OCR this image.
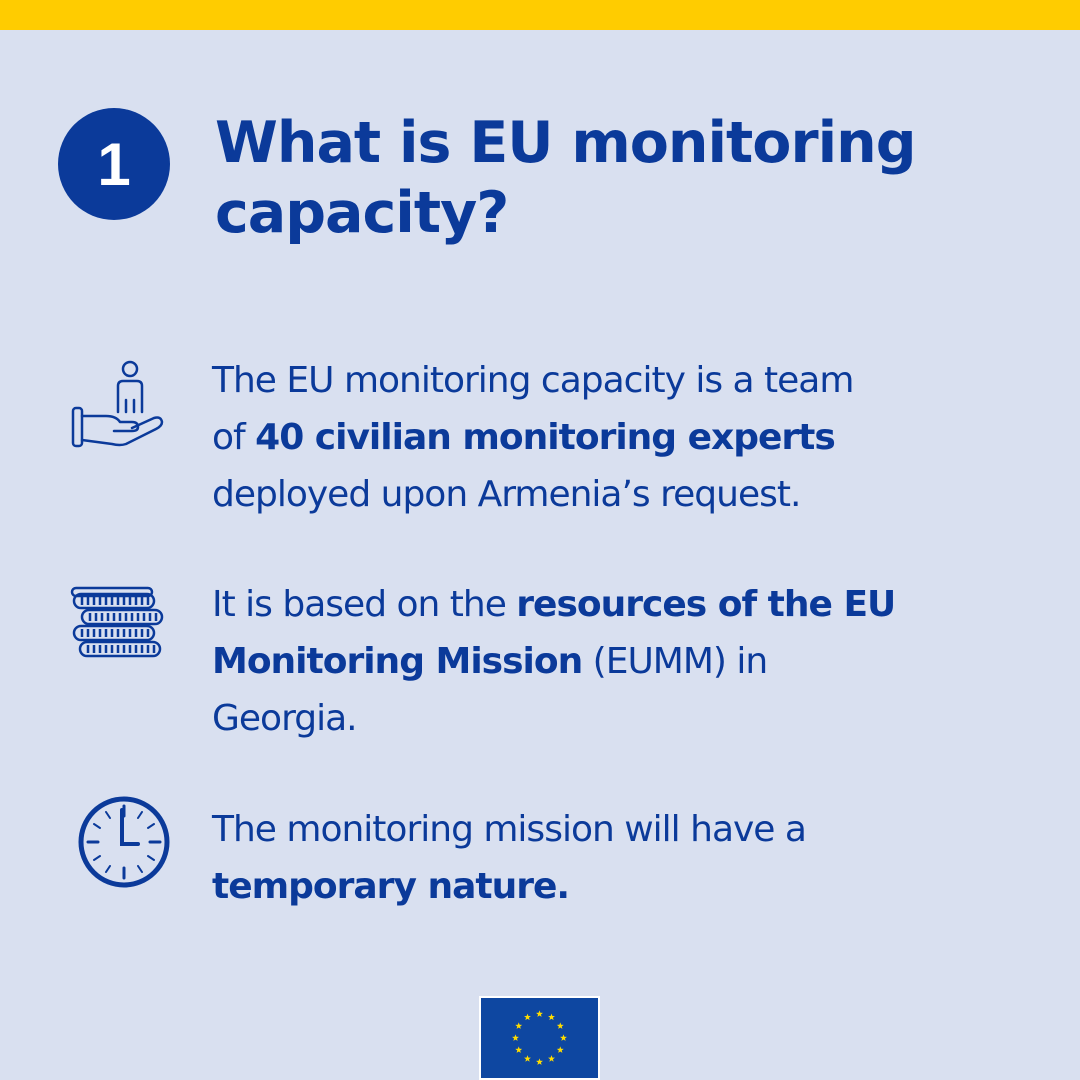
1 What is EU monitoring
capacity?
The EU monitoring capacity is a team
of 40 civilian monitoring experts
deployed upon Armenia’s request.
It is based on the resources of the EU
Monitoring Mission (EUMM) in
Georgia.
The monitoring mission will have a
temporary nature.
